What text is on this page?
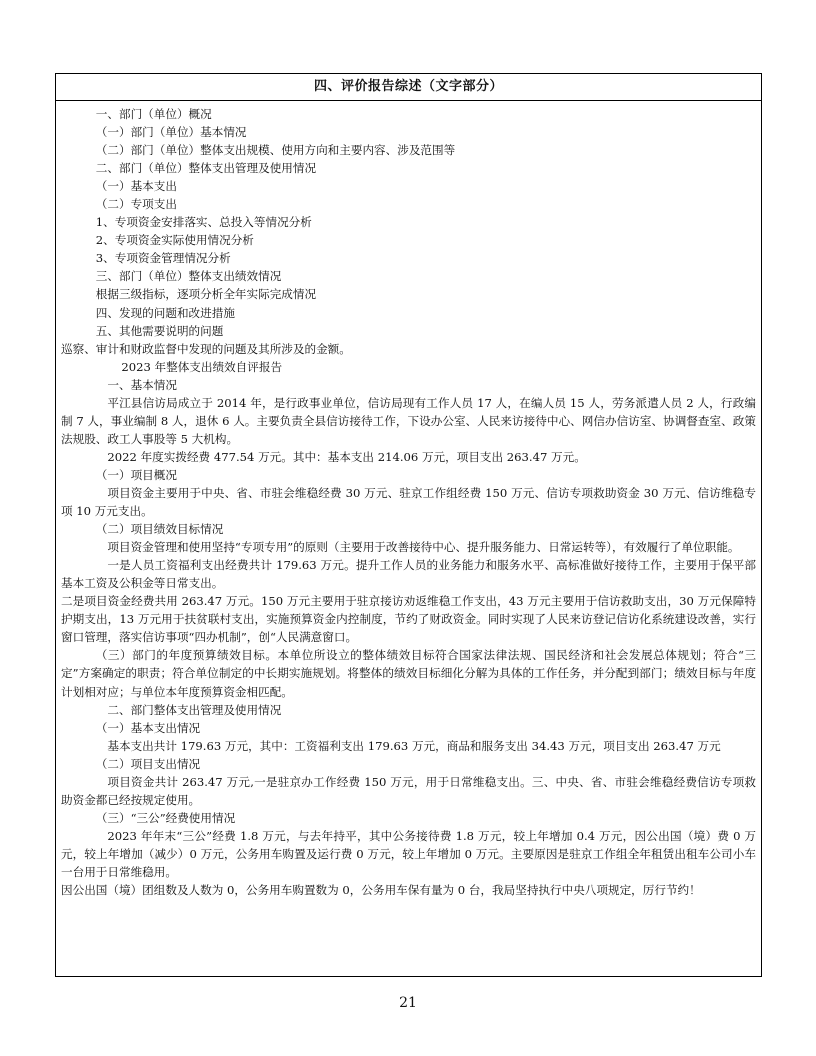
四、评价报告综述（文字部分）

一、部门（单位）概况

（一）部门（单位）基本情况

（二）部门（单位）整体支出规模、使用方向和主要内容、涉及范围等

二、部门（单位）整体支出管理及使用情况

（一）基本支出

（二）专项支出

1、专项资金安排落实、总投入等情况分析

2、专项资金实际使用情况分析

3、专项资金管理情况分析

三、部门（单位）整体支出绩效情况

根据三级指标，逐项分析全年实际完成情况

四、发现的问题和改进措施

五、其他需要说明的问题

巡察、审计和财政监督中发现的问题及其所涉及的金额。

2023 年整体支出绩效自评报告

一、基本情况

平江县信访局成立于 2014 年，是行政事业单位，信访局现有工作人员 17 人，在编人员 15 人，劳务派遣人员 2 人，行政编制 7 人，事业编制 8 人，退休 6 人。主要负责全县信访接待工作，下设办公室、人民来访接待中心、网信办信访室、协调督查室、政策法规股、政工人事股等 5 大机构。

2022 年度实拨经费 477.54 万元。其中：基本支出 214.06 万元，项目支出 263.47 万元。

（一）项目概况

项目资金主要用于中央、省、市驻会维稳经费 30 万元、驻京工作组经费 150 万元、信访专项救助资金 30 万元、信访维稳专项 10 万元支出。

（二）项目绩效目标情况

项目资金管理和使用坚持“专项专用”的原则（主要用于改善接待中心、提升服务能力、日常运转等），有效履行了单位职能。

一是人员工资福利支出经费共计 179.63 万元。提升工作人员的业务能力和服务水平、高标准做好接待工作，主要用于保平部基本工资及公积金等日常支出。

二是项目资金经费共用 263.47 万元。150 万元主要用于驻京接访劝返维稳工作支出，43 万元主要用于信访救助支出，30 万元保障特护期支出，13 万元用于扶贫联村支出，实施预算资金内控制度，节约了财政资金。同时实现了人民来访登记信访化系统建设改善，实行窗口管理，落实信访事项“四办机制”，创“人民满意窗口。

（三）部门的年度预算绩效目标。本单位所设立的整体绩效目标符合国家法律法规、国民经济和社会发展总体规划；符合“三定”方案确定的职责；符合单位制定的中长期实施规划。将整体的绩效目标细化分解为具体的工作任务，并分配到部门；绩效目标与年度计划相对应；与单位本年度预算资金相匹配。

二、部门整体支出管理及使用情况

（一）基本支出情况

基本支出共计 179.63 万元，其中：工资福利支出 179.63 万元，商品和服务支出 34.43 万元，项目支出 263.47 万元

（二）项目支出情况

项目资金共计 263.47 万元,一是驻京办工作经费 150 万元，用于日常维稳支出。三、中央、省、市驻会维稳经费信访专项救助资金都已经按规定使用。

（三）“三公”经费使用情况

2023 年年末“三公”经费 1.8 万元，与去年持平，其中公务接待费 1.8 万元，较上年增加 0.4 万元，因公出国（境）费 0 万元，较上年增加（减少）0 万元，公务用车购置及运行费 0 万元，较上年增加 0 万元。主要原因是驻京工作组全年租赁出租车公司小车一台用于日常维稳用。

因公出国（境）团组数及人数为 0，公务用车购置数为 0，公务用车保有量为 0 台，我局坚持执行中央八项规定，厉行节约！

21
